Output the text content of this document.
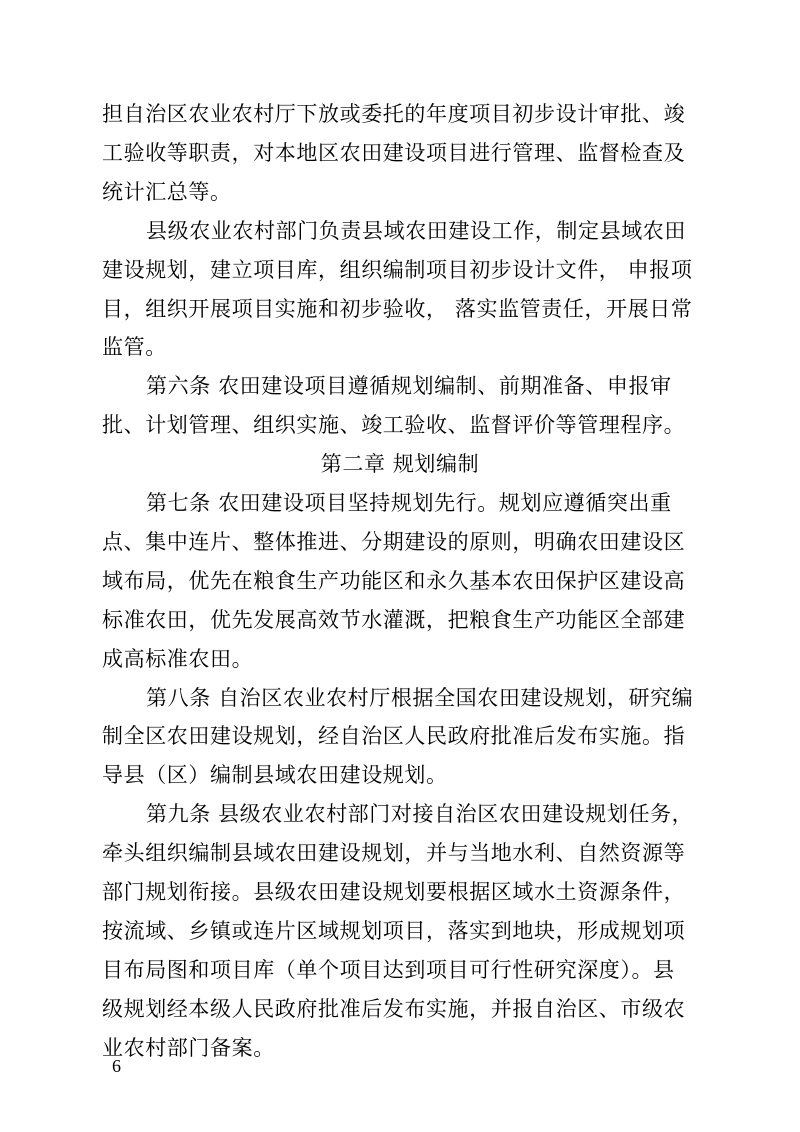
担自治区农业农村厅下放或委托的年度项目初步设计审批、竣
工验收等职责，对本地区农田建设项目进行管理、监督检查及
统计汇总等。
县级农业农村部门负责县域农田建设工作，制定县域农田
建设规划，建立项目库，组织编制项目初步设计文件， 申报项
目，组织开展项目实施和初步验收， 落实监管责任，开展日常
监管。
第六条 农田建设项目遵循规划编制、前期准备、申报审
批、计划管理、组织实施、竣工验收、监督评价等管理程序。
第二章 规划编制
第七条 农田建设项目坚持规划先行。规划应遵循突出重
点、集中连片、整体推进、分期建设的原则，明确农田建设区
域布局，优先在粮食生产功能区和永久基本农田保护区建设高
标准农田，优先发展高效节水灌溉，把粮食生产功能区全部建
成高标准农田。
第八条 自治区农业农村厅根据全国农田建设规划，研究编
制全区农田建设规划，经自治区人民政府批准后发布实施。指
导县（区）编制县域农田建设规划。
第九条 县级农业农村部门对接自治区农田建设规划任务，
牵头组织编制县域农田建设规划，并与当地水利、自然资源等
部门规划衔接。县级农田建设规划要根据区域水土资源条件，
按流域、乡镇或连片区域规划项目，落实到地块，形成规划项
目布局图和项目库（单个项目达到项目可行性研究深度）。县
级规划经本级人民政府批准后发布实施，并报自治区、市级农
业农村部门备案。
6
